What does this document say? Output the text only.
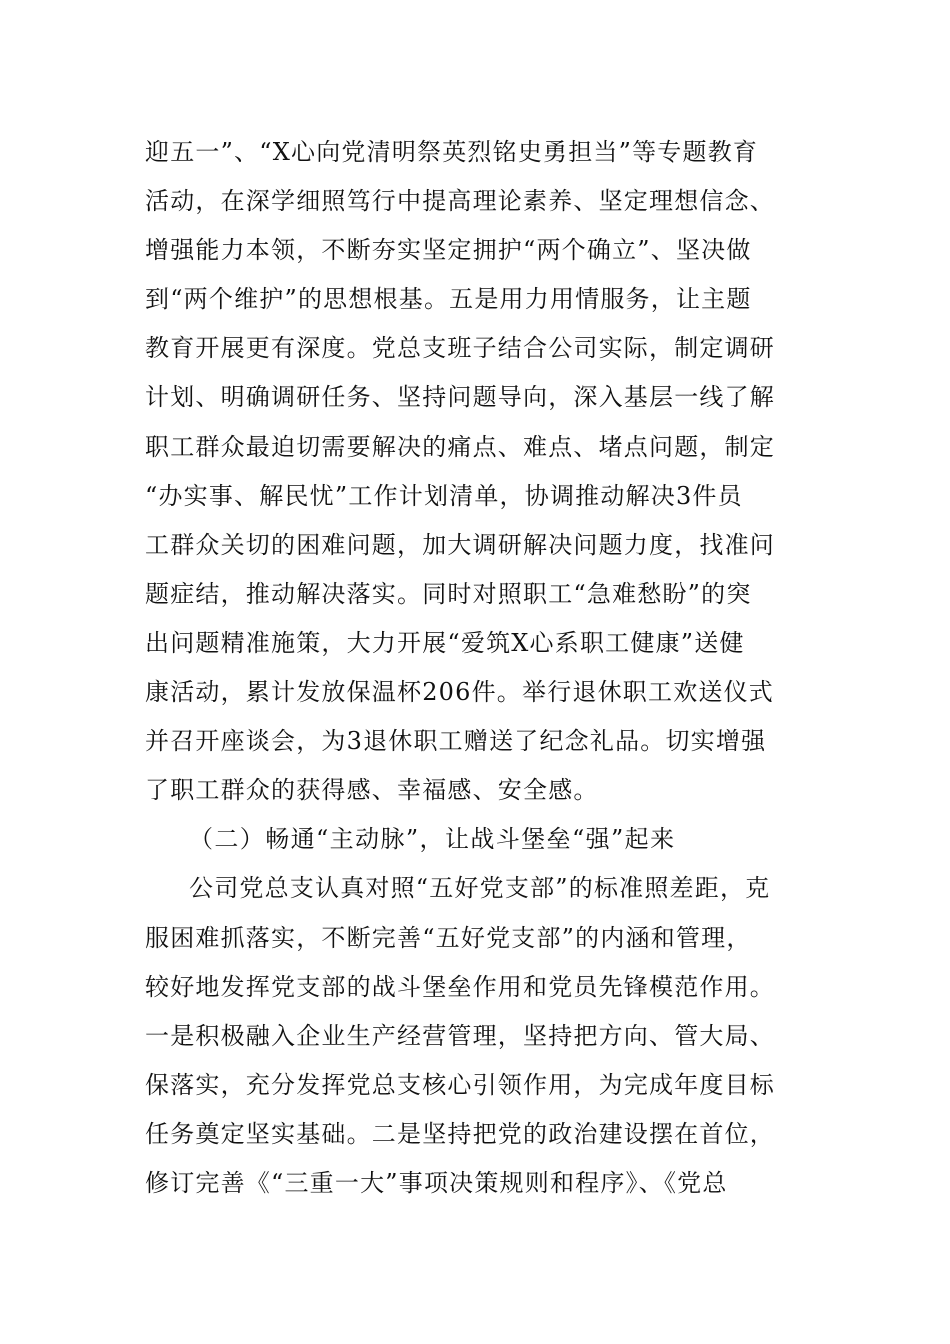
迎五一”、“X心向党清明祭英烈铭史勇担当”等专题教育
活动，在深学细照笃行中提高理论素养、坚定理想信念、
增强能力本领，不断夯实坚定拥护“两个确立”、坚决做
到“两个维护”的思想根基。五是用力用情服务，让主题
教育开展更有深度。党总支班子结合公司实际，制定调研
计划、明确调研任务、坚持问题导向，深入基层一线了解
职工群众最迫切需要解决的痛点、难点、堵点问题，制定
“办实事、解民忧”工作计划清单，协调推动解决3件员
工群众关切的困难问题，加大调研解决问题力度，找准问
题症结，推动解决落实。同时对照职工“急难愁盼”的突
出问题精准施策，大力开展“爱筑X心系职工健康”送健
康活动，累计发放保温杯206件。举行退休职工欢送仪式
并召开座谈会，为3退休职工赠送了纪念礼品。切实增强
了职工群众的获得感、幸福感、安全感。
（二）畅通“主动脉”，让战斗堡垒“强”起来
公司党总支认真对照“五好党支部”的标准照差距，克
服困难抓落实，不断完善“五好党支部”的内涵和管理，
较好地发挥党支部的战斗堡垒作用和党员先锋模范作用。
一是积极融入企业生产经营管理，坚持把方向、管大局、
保落实，充分发挥党总支核心引领作用，为完成年度目标
任务奠定坚实基础。二是坚持把党的政治建设摆在首位，
修订完善《“三重一大”事项决策规则和程序》、《党总
